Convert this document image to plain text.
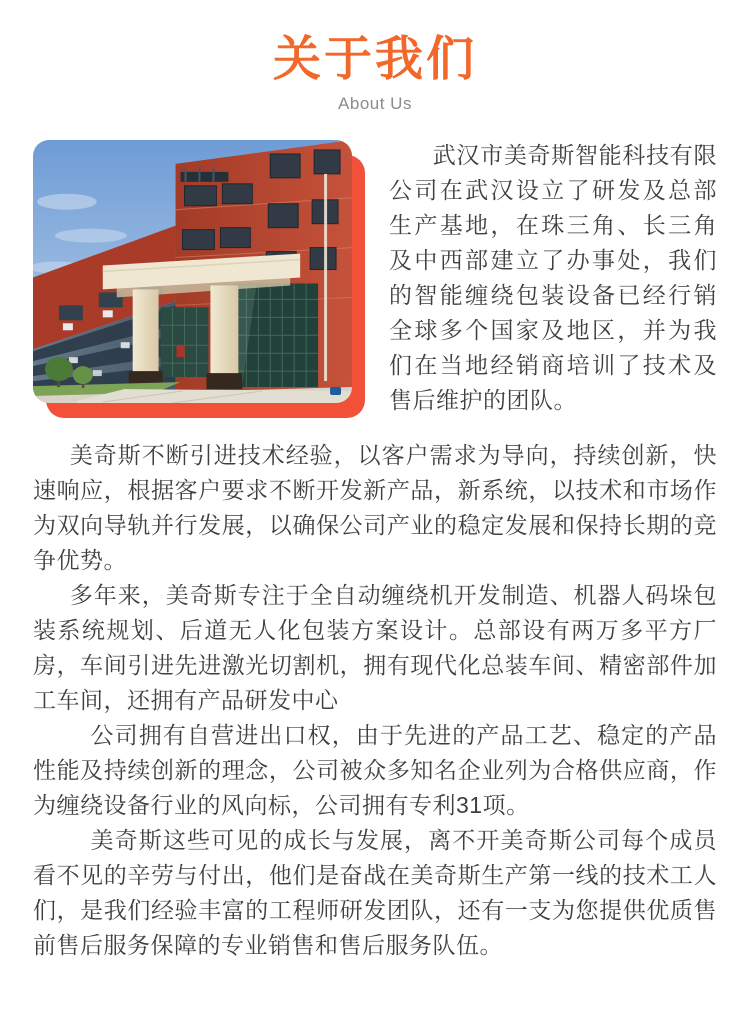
关于我们
About Us

武汉市美奇斯智能科技有限公司在武汉设立了研发及总部生产基地，在珠三角、长三角及中西部建立了办事处，我们的智能缠绕包装设备已经行销全球多个国家及地区，并为我们在当地经销商培训了技术及售后维护的团队。

美奇斯不断引进技术经验，以客户需求为导向，持续创新，快速响应，根据客户要求不断开发新产品，新系统，以技术和市场作为双向导轨并行发展，以确保公司产业的稳定发展和保持长期的竞争优势。

多年来，美奇斯专注于全自动缠绕机开发制造、机器人码垛包装系统规划、后道无人化包装方案设计。总部设有两万多平方厂房，车间引进先进激光切割机，拥有现代化总装车间、精密部件加工车间，还拥有产品研发中心

公司拥有自营进出口权，由于先进的产品工艺、稳定的产品性能及持续创新的理念，公司被众多知名企业列为合格供应商，作为缠绕设备行业的风向标，公司拥有专利31项。

美奇斯这些可见的成长与发展，离不开美奇斯公司每个成员看不见的辛劳与付出，他们是奋战在美奇斯生产第一线的技术工人们，是我们经验丰富的工程师研发团队，还有一支为您提供优质售前售后服务保障的专业销售和售后服务队伍。
